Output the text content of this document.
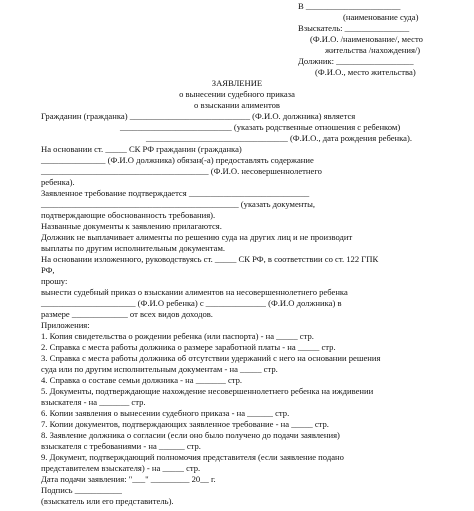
В ______________________
(наименование суда)
Взыскатель: _______________
(Ф.И.О. /наименование/, место
жительства /нахождения/)
Должник: __________________
(Ф.И.О., место жительства)
ЗАЯВЛЕНИЕ
о вынесении судебного приказа
о взыскании алиментов
Гражданин (гражданка) ____________________________ (Ф.И.О. должника) является
__________________________ (указать родственные отношения с ребенком)
_________________________________ (Ф.И.О., дата рождения ребенка).
На основании ст. _____ СК РФ гражданин (гражданка)
_______________ (Ф.И.О должника) обязан(-а) предоставлять содержание
_______________________________________ (Ф.И.О. несовершеннолетнего
ребенка).
Заявленное требование подтверждается ____________________________
______________________________________________ (указать документы,
подтверждающие обоснованность требования).
Названные документы к заявлению прилагаются.
Должник не выплачивает алименты по решению суда на других лиц и не производит
выплаты по другим исполнительным документам.
На основании изложенного, руководствуясь ст. _____ СК РФ, в соответствии со ст. 122 ГПК
РФ,
прошу:
вынести судебный приказ о взыскании алиментов на несовершеннолетнего ребенка
______________________ (Ф.И.О ребенка) с ______________ (Ф.И.О должника) в
размере _____________ от всех видов доходов.
Приложения:
1. Копия свидетельства о рождении ребенка (или паспорта) - на _____ стр.
2. Справка с места работы должника о размере заработной платы - на _____ стр.
3. Справка с места работы должника об отсутствии удержаний с него на основании решения
суда или по другим исполнительным документам - на _____ стр.
4. Справка о составе семьи должника - на _______ стр.
5. Документы, подтверждающие нахождение несовершеннолетнего ребенка на иждивении
взыскателя - на _______ стр.
6. Копии заявления о вынесении судебного приказа - на ______ стр.
7. Копии документов, подтверждающих заявленное требование - на _____ стр.
8. Заявление должника о согласии (если оно было получено до подачи заявления)
взыскателя с требованиями - на ______ стр.
9. Документ, подтверждающий полномочия представителя (если заявление подано
представителем взыскателя) - на _____ стр.
Дата подачи заявления: "___" _________ 20__ г.
Подпись ___________
(взыскатель или его представитель).
